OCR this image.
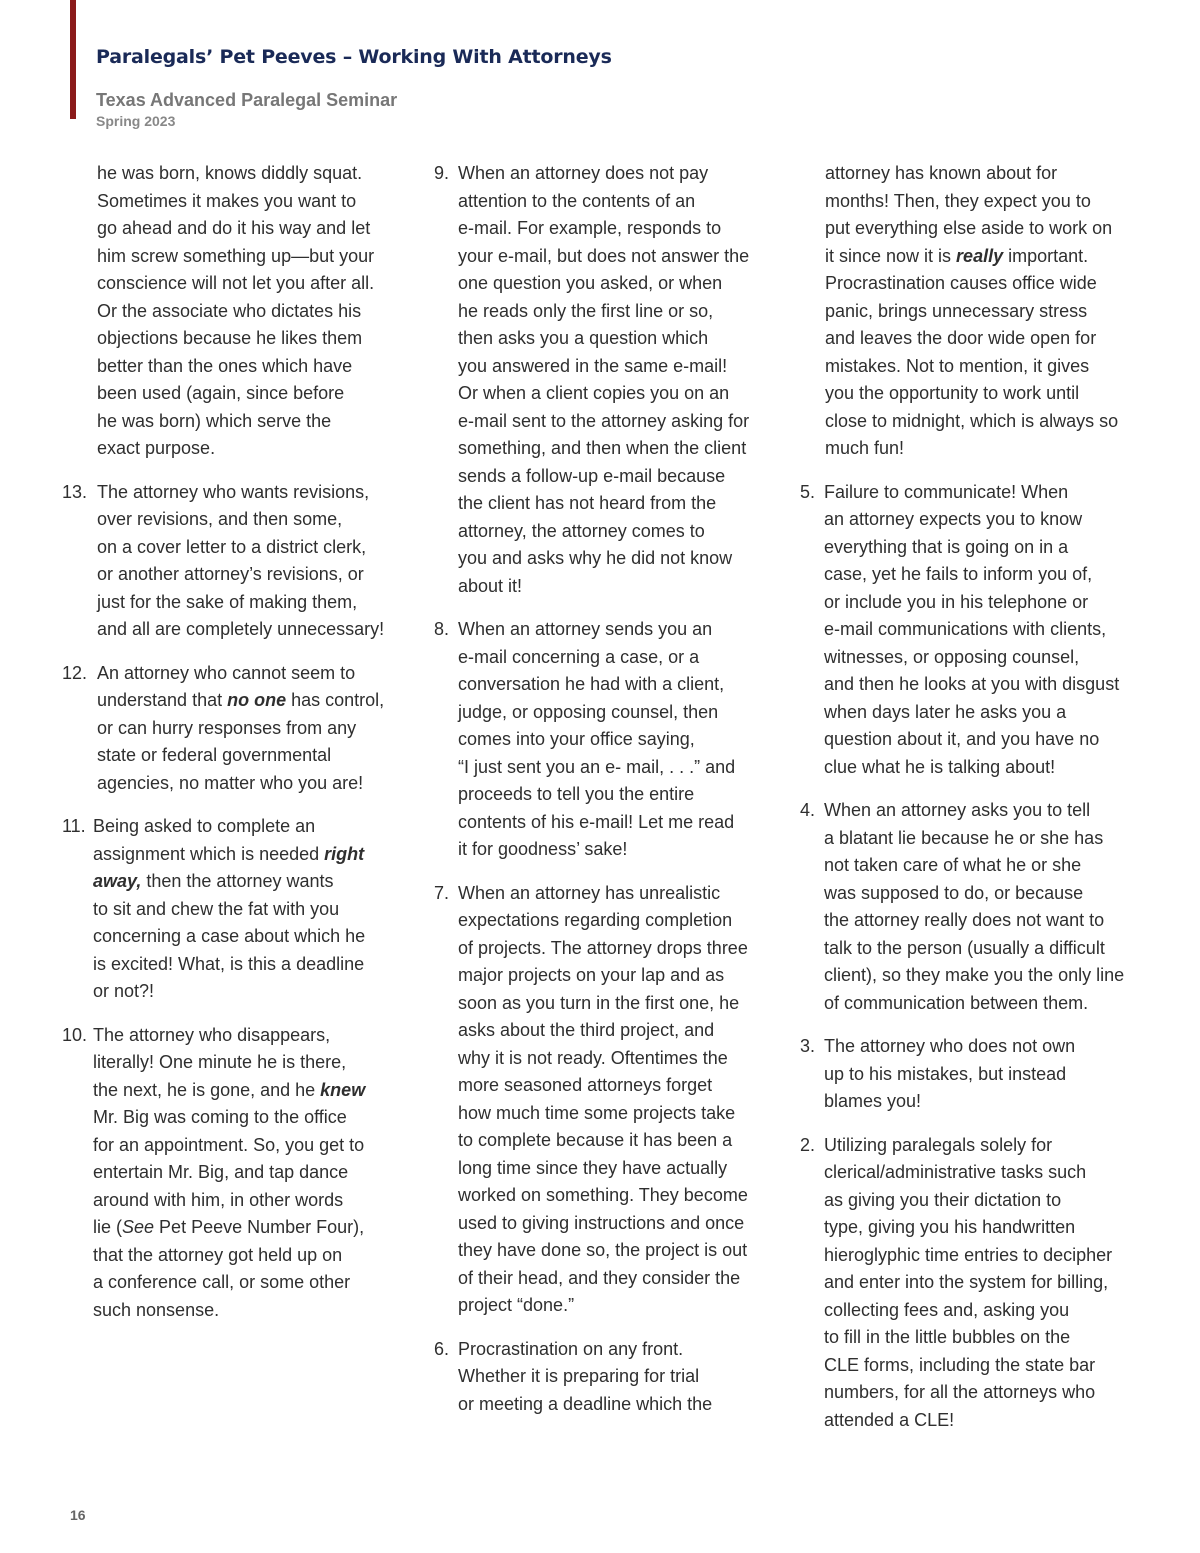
Paralegals’ Pet Peeves – Working With Attorneys
Texas Advanced Paralegal Seminar
Spring 2023
he was born, knows diddly squat.
Sometimes it makes you want to
go ahead and do it his way and let
him screw something up—but your
conscience will not let you after all.
Or the associate who dictates his
objections because he likes them
better than the ones which have
been used (again, since before
he was born) which serve the
exact purpose.
13. The attorney who wants revisions,
over revisions, and then some,
on a cover letter to a district clerk,
or another attorney’s revisions, or
just for the sake of making them,
and all are completely unnecessary!
12. An attorney who cannot seem to
understand that no one has control,
or can hurry responses from any
state or federal governmental
agencies, no matter who you are!
11. Being asked to complete an
assignment which is needed right
away, then the attorney wants
to sit and chew the fat with you
concerning a case about which he
is excited! What, is this a deadline
or not?!
10. The attorney who disappears,
literally! One minute he is there,
the next, he is gone, and he knew
Mr. Big was coming to the office
for an appointment. So, you get to
entertain Mr. Big, and tap dance
around with him, in other words
lie (See Pet Peeve Number Four),
that the attorney got held up on
a conference call, or some other
such nonsense.
9. When an attorney does not pay
attention to the contents of an
e-mail. For example, responds to
your e-mail, but does not answer the
one question you asked, or when
he reads only the first line or so,
then asks you a question which
you answered in the same e-mail!
Or when a client copies you on an
e-mail sent to the attorney asking for
something, and then when the client
sends a follow-up e-mail because
the client has not heard from the
attorney, the attorney comes to
you and asks why he did not know
about it!
8. When an attorney sends you an
e-mail concerning a case, or a
conversation he had with a client,
judge, or opposing counsel, then
comes into your office saying,
“I just sent you an e- mail, . . .” and
proceeds to tell you the entire
contents of his e-mail! Let me read
it for goodness’ sake!
7. When an attorney has unrealistic
expectations regarding completion
of projects. The attorney drops three
major projects on your lap and as
soon as you turn in the first one, he
asks about the third project, and
why it is not ready. Oftentimes the
more seasoned attorneys forget
how much time some projects take
to complete because it has been a
long time since they have actually
worked on something. They become
used to giving instructions and once
they have done so, the project is out
of their head, and they consider the
project “done.”
6. Procrastination on any front.
Whether it is preparing for trial
or meeting a deadline which the
attorney has known about for
months! Then, they expect you to
put everything else aside to work on
it since now it is really important.
Procrastination causes office wide
panic, brings unnecessary stress
and leaves the door wide open for
mistakes. Not to mention, it gives
you the opportunity to work until
close to midnight, which is always so
much fun!
5. Failure to communicate! When
an attorney expects you to know
everything that is going on in a
case, yet he fails to inform you of,
or include you in his telephone or
e-mail communications with clients,
witnesses, or opposing counsel,
and then he looks at you with disgust
when days later he asks you a
question about it, and you have no
clue what he is talking about!
4. When an attorney asks you to tell
a blatant lie because he or she has
not taken care of what he or she
was supposed to do, or because
the attorney really does not want to
talk to the person (usually a difficult
client), so they make you the only line
of communication between them.
3. The attorney who does not own
up to his mistakes, but instead
blames you!
2. Utilizing paralegals solely for
clerical/administrative tasks such
as giving you their dictation to
type, giving you his handwritten
hieroglyphic time entries to decipher
and enter into the system for billing,
collecting fees and, asking you
to fill in the little bubbles on the
CLE forms, including the state bar
numbers, for all the attorneys who
attended a CLE!
16
